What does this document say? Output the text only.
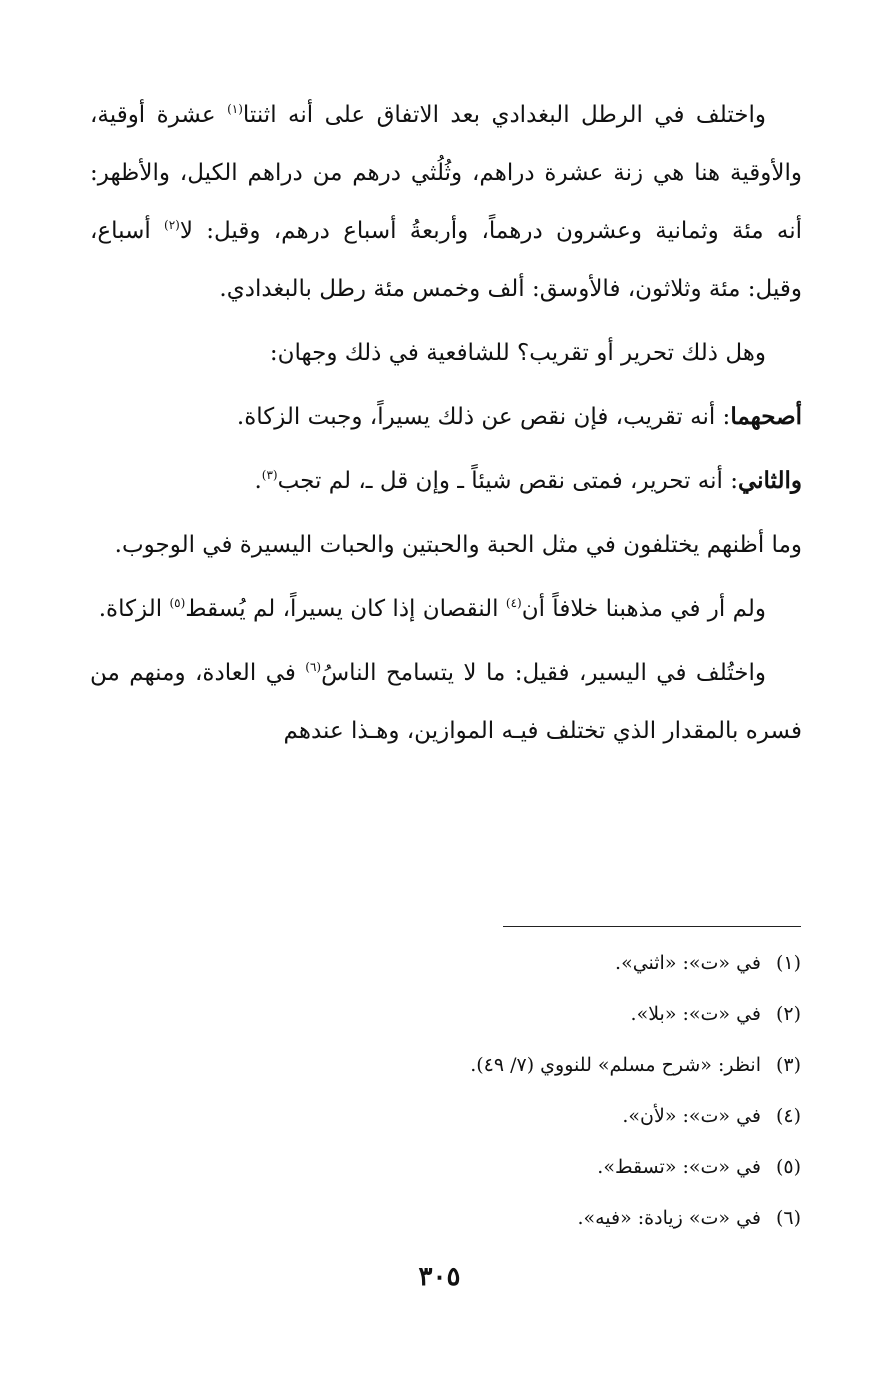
واختلف في الرطل البغدادي بعد الاتفاق على أنه اثنتا$^{(١)}$ عشرة أوقية، والأوقية هنا هي زنة عشرة دراهم، وثُلُثي درهم من دراهم الكيل، والأظهر: أنه مئة وثمانية وعشرون درهماً، وأربعةُ أسباع درهم، وقيل: لا$^{(٢)}$ أسباع، وقيل: مئة وثلاثون، فالأوسق: ألف وخمس مئة رطل بالبغدادي.

وهل ذلك تحرير أو تقريب؟ للشافعية في ذلك وجهان:

أصحهما: أنه تقريب، فإن نقص عن ذلك يسيراً، وجبت الزكاة.

والثاني: أنه تحرير، فمتى نقص شيئاً ـ وإن قل ـ، لم تجب$^{(٣)}$.

وما أظنهم يختلفون في مثل الحبة والحبتين والحبات اليسيرة في الوجوب.

ولم أر في مذهبنا خلافاً أن$^{(٤)}$ النقصان إذا كان يسيراً، لم يُسقط$^{(٥)}$ الزكاة.

واختُلف في اليسير، فقيل: ما لا يتسامح الناسُ$^{(٦)}$ في العادة، ومنهم من فسره بالمقدار الذي تختلف فيـه الموازين، وهـذا عندهم

(١)في «ت»: «اثني».
(٢)في «ت»: «بلا».
(٣)انظر: «شرح مسلم» للنووي (٧/ ٤٩).
(٤)في «ت»: «لأن».
(٥)في «ت»: «تسقط».
(٦)في «ت» زيادة: «فيه».
٣٠٥
